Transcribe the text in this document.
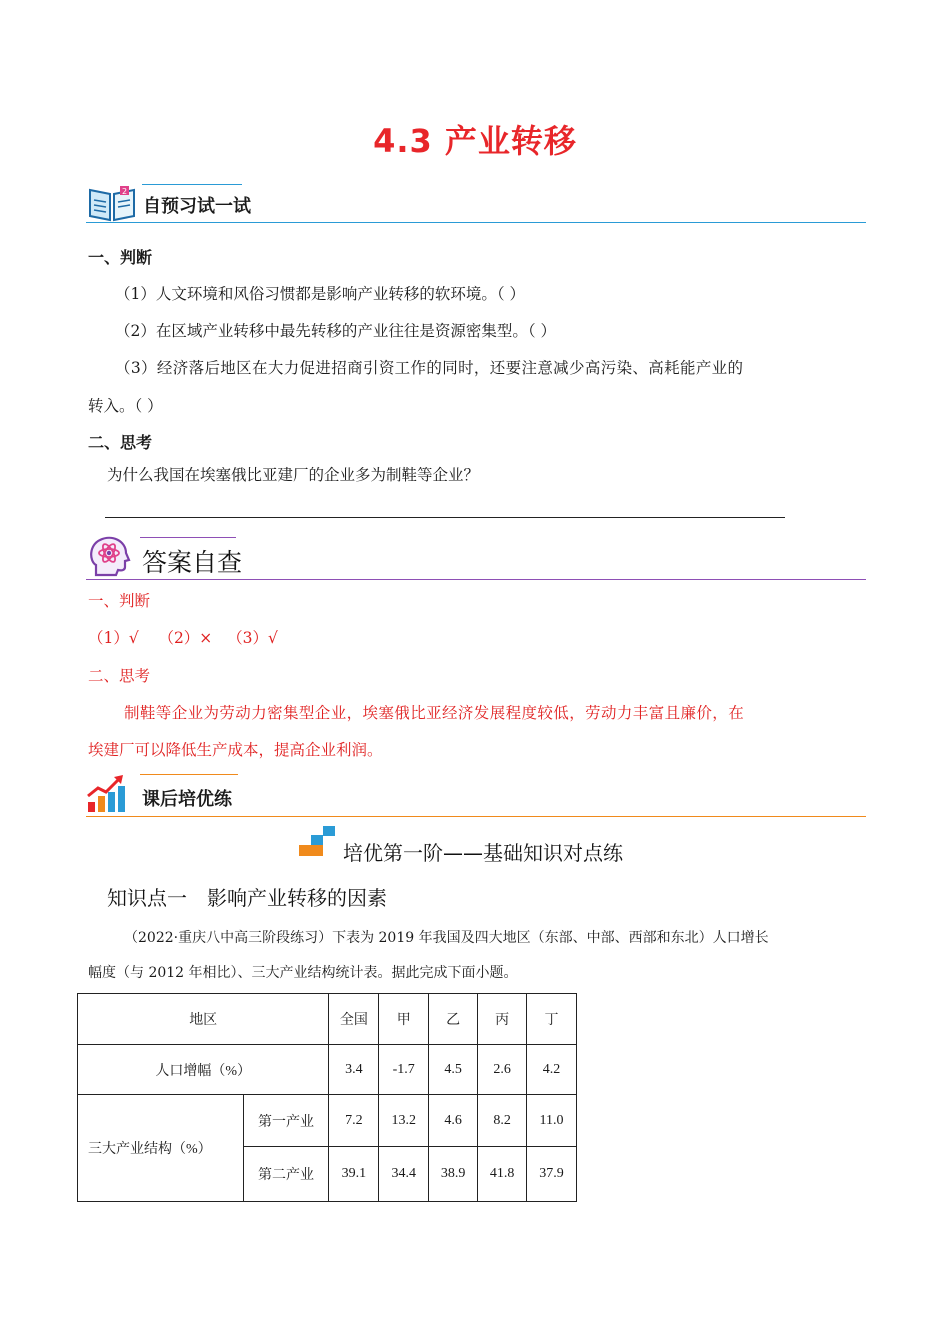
4.3 产业转移
2
自预习试一试
一、判断
（1）人文环境和风俗习惯都是影响产业转移的软环境。（ ）
（2）在区域产业转移中最先转移的产业往往是资源密集型。（ ）
（3）经济落后地区在大力促进招商引资工作的同时，还要注意减少高污染、高耗能产业的
转入。（ ）
二、思考
为什么我国在埃塞俄比亚建厂的企业多为制鞋等企业？
答案自查
一、判断
（1）√    （2）×   （3）√
二、思考
制鞋等企业为劳动力密集型企业，埃塞俄比亚经济发展程度较低，劳动力丰富且廉价，在
埃建厂可以降低生产成本，提高企业利润。
课后培优练
培优第一阶——基础知识对点练
知识点一　影响产业转移的因素
（2022·重庆八中高三阶段练习）下表为 2019 年我国及四大地区（东部、中部、西部和东北）人口增长
幅度（与 2012 年相比）、三大产业结构统计表。据此完成下面小题。
地区		全国	甲	乙	丙	丁
人口增幅（%）		3.4	-1.7	4.5	2.6	4.2
三大产业结构（%）	第一产业	7.2	13.2	4.6	8.2	11.0
	第二产业	39.1	34.4	38.9	41.8	37.9
